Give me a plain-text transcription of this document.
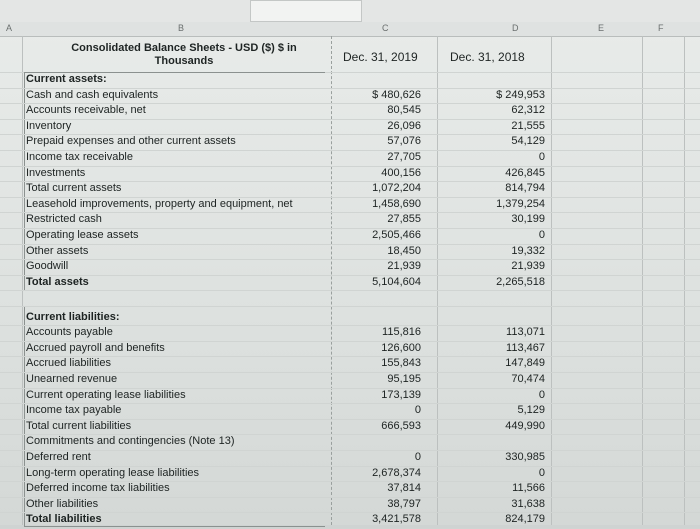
A	B	C	D	E	F
Consolidated Balance Sheets - USD ($) $ in Thousands	Dec. 31, 2019	Dec. 31, 2018
Current assets:
Cash and cash equivalents	$ 480,626	$ 249,953
Accounts receivable, net	80,545	62,312
Inventory	26,096	21,555
Prepaid expenses and other current assets	57,076	54,129
Income tax receivable	27,705	0
Investments	400,156	426,845
Total current assets	1,072,204	814,794
Leasehold improvements, property and equipment, net	1,458,690	1,379,254
Restricted cash	27,855	30,199
Operating lease assets	2,505,466	0
Other assets	18,450	19,332
Goodwill	21,939	21,939
Total assets	5,104,604	2,265,518
Current liabilities:
Accounts payable	115,816	113,071
Accrued payroll and benefits	126,600	113,467
Accrued liabilities	155,843	147,849
Unearned revenue	95,195	70,474
Current operating lease liabilities	173,139	0
Income tax payable	0	5,129
Total current liabilities	666,593	449,990
Commitments and contingencies (Note 13)
Deferred rent	0	330,985
Long-term operating lease liabilities	2,678,374	0
Deferred income tax liabilities	37,814	11,566
Other liabilities	38,797	31,638
Total liabilities	3,421,578	824,179
